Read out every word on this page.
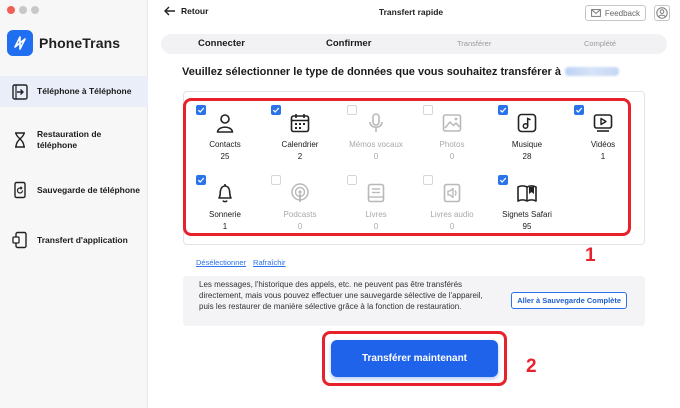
PhoneTrans
Téléphone à Téléphone
Restauration de téléphone
Sauvegarde de téléphone
Transfert d'application
Retour	Transfert rapide	Feedback
Connecter	Confirmer	Transférer	Complété
Veuillez sélectionner le type de données que vous souhaitez transférer à
Contacts
25
Calendrier
2
Mémos vocaux
0
Photos
0
Musique
28
Vidéos
1
Sonnerie
1
Podcasts
0
Livres
0
Livres audio
0
Signets Safari
95
1
Désélectionner Rafraîchir
Les messages, l'historique des appels, etc. ne peuvent pas être transférés directement, mais vous pouvez effectuer une sauvegarde sélective de l'appareil, puis les restaurer de manière sélective grâce à la fonction de restauration.
Aller à Sauvegarde Complète
Transférer maintenant	2
